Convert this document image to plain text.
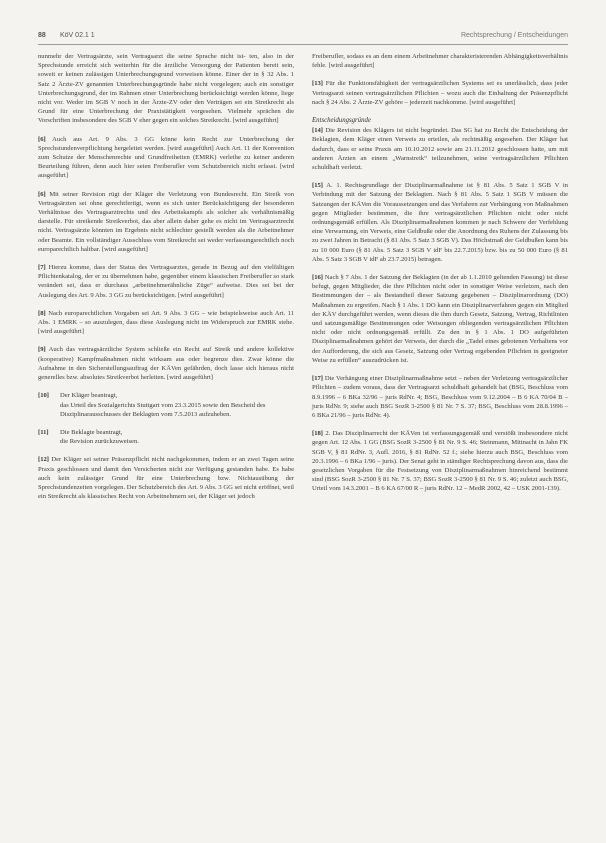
88 KöV 02.1 1	Rechtsprechung / Entscheidungen

nunmehr der Vertragsärzte, sein Vertragsarzt die seine Sprache nicht ist- ten, also in der Sprechstunde erreicht sich weiterhin für die ärztliche Versorgung der Patienten bereit sein, soweit er keinen zulässigen Unterbrechungsgrund vorweisen könne. Einer der in § 32 Abs. 1 Satz 2 Ärzte-ZV genannten Unterbrechungsgründe habe nicht vorgelegen; auch ein sonstiger Unterbrechungsgrund, der im Rahmen einer Unterbrechung berücksichtigt werden könne, liege nicht vor. Weder im SGB V noch in der Ärzte-ZV oder den Verträgen sei ein Streikrecht als Grund für eine Unterbrechung der Praxistätigkeit vorgesehen. Vielmehr sprächen die Vorschriften insbesondere des SGB V eher gegen ein solches Streikrecht. [wird ausgeführt]

[6] Auch aus Art. 9 Abs. 3 GG könne kein Recht zur Unterbrechung der Sprechstundenverpflichtung hergeleitet werden. [wird ausgeführt] Auch Art. 11 der Konvention zum Schutze der Menschenrechte und Grundfreiheiten (EMRK) verleihe zu keiner anderen Beurteilung führen, denn auch hier seien Freiberufler vom Schutzbereich nicht erfasst. [wird ausgeführt]

[6] Mit seiner Revision rügt der Kläger die Verletzung von Bundesrecht. Ein Streik von Vertragsärzten sei ohne gerechtfertigt, wenn es sich unter Berücksichtigung der besonderen Verhältnisse des Vertragsarztrechts und des Arbeitskampfs als solcher als verhältnismäßig darstelle. Für streikende Streikverbot, das aber allein daher gehe es nicht im Vertragsarztrecht nicht. Vertragsärzte könnten im Ergebnis nicht schlechter gestellt werden als die Arbeitnehmer oder Beamte. Ein vollständiger Ausschluss vom Streikrecht sei weder verfassungsrechtlich noch europarechtlich haltbar. [wird ausgeführt]

[7] Hierzu komme, dass der Status des Vertragsarztes, gerade in Bezug auf den vielfältigen Pflichtenkatalog, der er zu übernehmen habe, gegenüber einem klassischen Freiberufler so stark verändert sei, dass er durchaus „arbeitnehmerähnliche Züge“ aufweise. Dies sei bei der Auslegung des Art. 9 Abs. 3 GG zu berücksichtigen. [wird ausgeführt]

[8] Nach europarechtlichen Vorgaben sei Art. 9 Abs. 3 GG – wie beispielsweise auch Art. 11 Abs. 1 EMRK – so auszulegen, dass diese Auslegung nicht im Widerspruch zur EMRK stehe. [wird ausgeführt]

[9] Auch das vertragsärztliche System schließe ein Recht auf Streik und andere kollektive (kooperative) Kampfmaßnahmen nicht wirksam aus oder begrenze dies. Zwar könne die Aufnahme in den Sicherstellungsauftrag der KÄVen gefährden, doch lasse sich hieraus nicht generelles bzw. absolutes Streikverbot herleiten. [wird ausgeführt]

[10] Der Kläger beantragt,
das Urteil des Sozialgerichts Stuttgart vom 23.3.2015 sowie den Bescheid des Disziplinarausschusses der Beklagten vom 7.5.2013 aufzuheben.
[11] Die Beklagte beantragt,
die Revision zurückzuweisen.

[12] Der Kläger sei seiner Präsenzpflicht nicht nachgekommen, indem er an zwei Tagen seine Praxis geschlossen und damit den Versicherten nicht zur Verfügung gestanden habe. Es habe auch kein zulässiger Grund für eine Unterbrechung bzw. Nichtausübung der Sprechstundenzeiten vorgelegen. Der Schutzbereich des Art. 9 Abs. 3 GG sei nicht eröffnet, weil ein Streikrecht als klassisches Recht von Arbeitnehmern sei, der Kläger sei jedoch

Freiberufler, sodass es an dem einem Arbeitnehmer charakteristerenden Abhängigkeitsverhältnis fehle. [wird ausgeführt]

[13] Für die Funktionsfähigkeit der vertragsärztlichen Systems sei es unerlässlich, dass jeder Vertragsarzt seinen vertragsärztlichen Pflichten – wozu auch die Einhaltung der Präsenzpflicht nach § 24 Abs. 2 Ärzte-ZV gehöre – jederzeit nachkomme. [wird ausgeführt]

Entscheidungsgründe

[14] Die Revision des Klägers ist nicht begründet. Das SG hat zu Recht die Entscheidung der Beklagten, dem Kläger einen Verweis zu erteilen, als rechtmäßig angesehen. Der Kläger hat dadurch, dass er seine Praxis am 10.10.2012 sowie am 21.11.2012 geschlossen hatte, um mit anderen Ärzten an einem „Warnstreik“ teilzunehmen, seine vertragsärztlichen Pflichten schuldhaft verletzt.

[15] A. 1. Rechtsgrundlage der Disziplinarmaßnahme ist § 81 Abs. 5 Satz 1 SGB V in Verbindung mit der Satzung der Beklagten. Nach § 81 Abs. 5 Satz 1 SGB V müssen die Satzungen der KÄVen die Voraussetzungen und das Verfahren zur Verhängung von Maßnahmen gegen Mitglieder bestimmen, die ihre vertragsärztlichen Pflichten nicht oder nicht ordnungsgemäß erfüllen. Als Disziplinarmaßnahmen kommen je nach Schwere der Verfehlung eine Verwarnung, ein Verweis, eine Geldbuße oder die Anordnung des Ruhens der Zulassung bis zu zwei Jahren in Betracht (§ 81 Abs. 5 Satz 3 SGB V). Das Höchstmaß der Geldbußen kann bis zu 10 000 Euro (§ 81 Abs. 5 Satz 3 SGB V idF bis 22.7.2015) bzw. bis zu 50 000 Euro (§ 81 Abs. 5 Satz 3 SGB V idF ab 23.7.2015) betragen.

[16] Nach § 7 Abs. 1 der Satzung der Beklagten (in der ab 1.1.2010 geltenden Fassung) ist diese befugt, gegen Mitglieder, die ihre Pflichten nicht oder in sonstiger Weise verletzen, nach den Bestimmungen der – als Bestandteil dieser Satzung gegebenen – Disziplinarordnung (DO) Maßnahmen zu ergreifen. Nach § 1 Abs. 1 DO kann ein Disziplinarverfahren gegen ein Mitglied der KÄV durchgeführt werden, wenn dieses die ihm durch Gesetz, Satzung, Vertrag, Richtlinien und satzungsmäßige Bestimmungen oder Weisungen obliegenden vertragsärztlichen Pflichten nicht oder nicht ordnungsgemäß erfüllt. Zu den in § 1 Abs. 1 DO aufgeführten Disziplinarmaßnahmen gehört der Verweis, der durch die „Tadel eines gebotenen Verhaltens vor der Aufforderung, die sich aus Gesetz, Satzung oder Vertrag ergebenden Pflichten in geeigneter Weise zu erfüllen“ auszudrücken ist.

[17] Die Verhängung einer Disziplinarmaßnahme setzt – neben der Verletzung vertragsärztlicher Pflichten – zudem voraus, dass der Vertragsarzt schuldhaft gehandelt hat (BSG, Beschluss vom 8.9.1996 – 6 BKa 32/96 – juris RdNr. 4; BSG, Beschluss vom 9.12.2004 – B 6 KA 70/04 B – juris RdNr. 9; siehe auch BSG SozR 3-2500 § 81 Nr. 7 S. 37; BSG, Beschluss vom 28.8.1996 – 6 BKa 21/96 – juris RdNr. 4).

[18] 2. Das Disziplinarrecht der KÄVen ist verfassungsgemäß und verstößt insbesondere nicht gegen Art. 12 Abs. 1 GG (BSG SozR 3-2500 § 81 Nr. 9 S. 46; Steinmann, Mittnacht in Jahn FK SGB V, § 81 RdNr. 3, Aufl. 2016, § 81 RdNr. 52 f.; siehe hierzu auch BSG, Beschluss vom 20.3.1996 – 6 BKa 1/96 – juris). Der Senat geht in ständiger Rechtsprechung davon aus, dass die gesetzlichen Vorgaben für die Festsetzung von Disziplinarmaßnahmen hinreichend bestimmt sind (BSG SozR 3-2500 § 81 Nr. 7 S. 37; BSG SozR 3-2500 § 81 Nr. 9 S. 46; zuletzt auch BSG, Urteil vom 14.3.2001 – B 6 KA 67/00 R – juris RdNr. 12 – MedR 2002, 42 – USK 2001-139).
